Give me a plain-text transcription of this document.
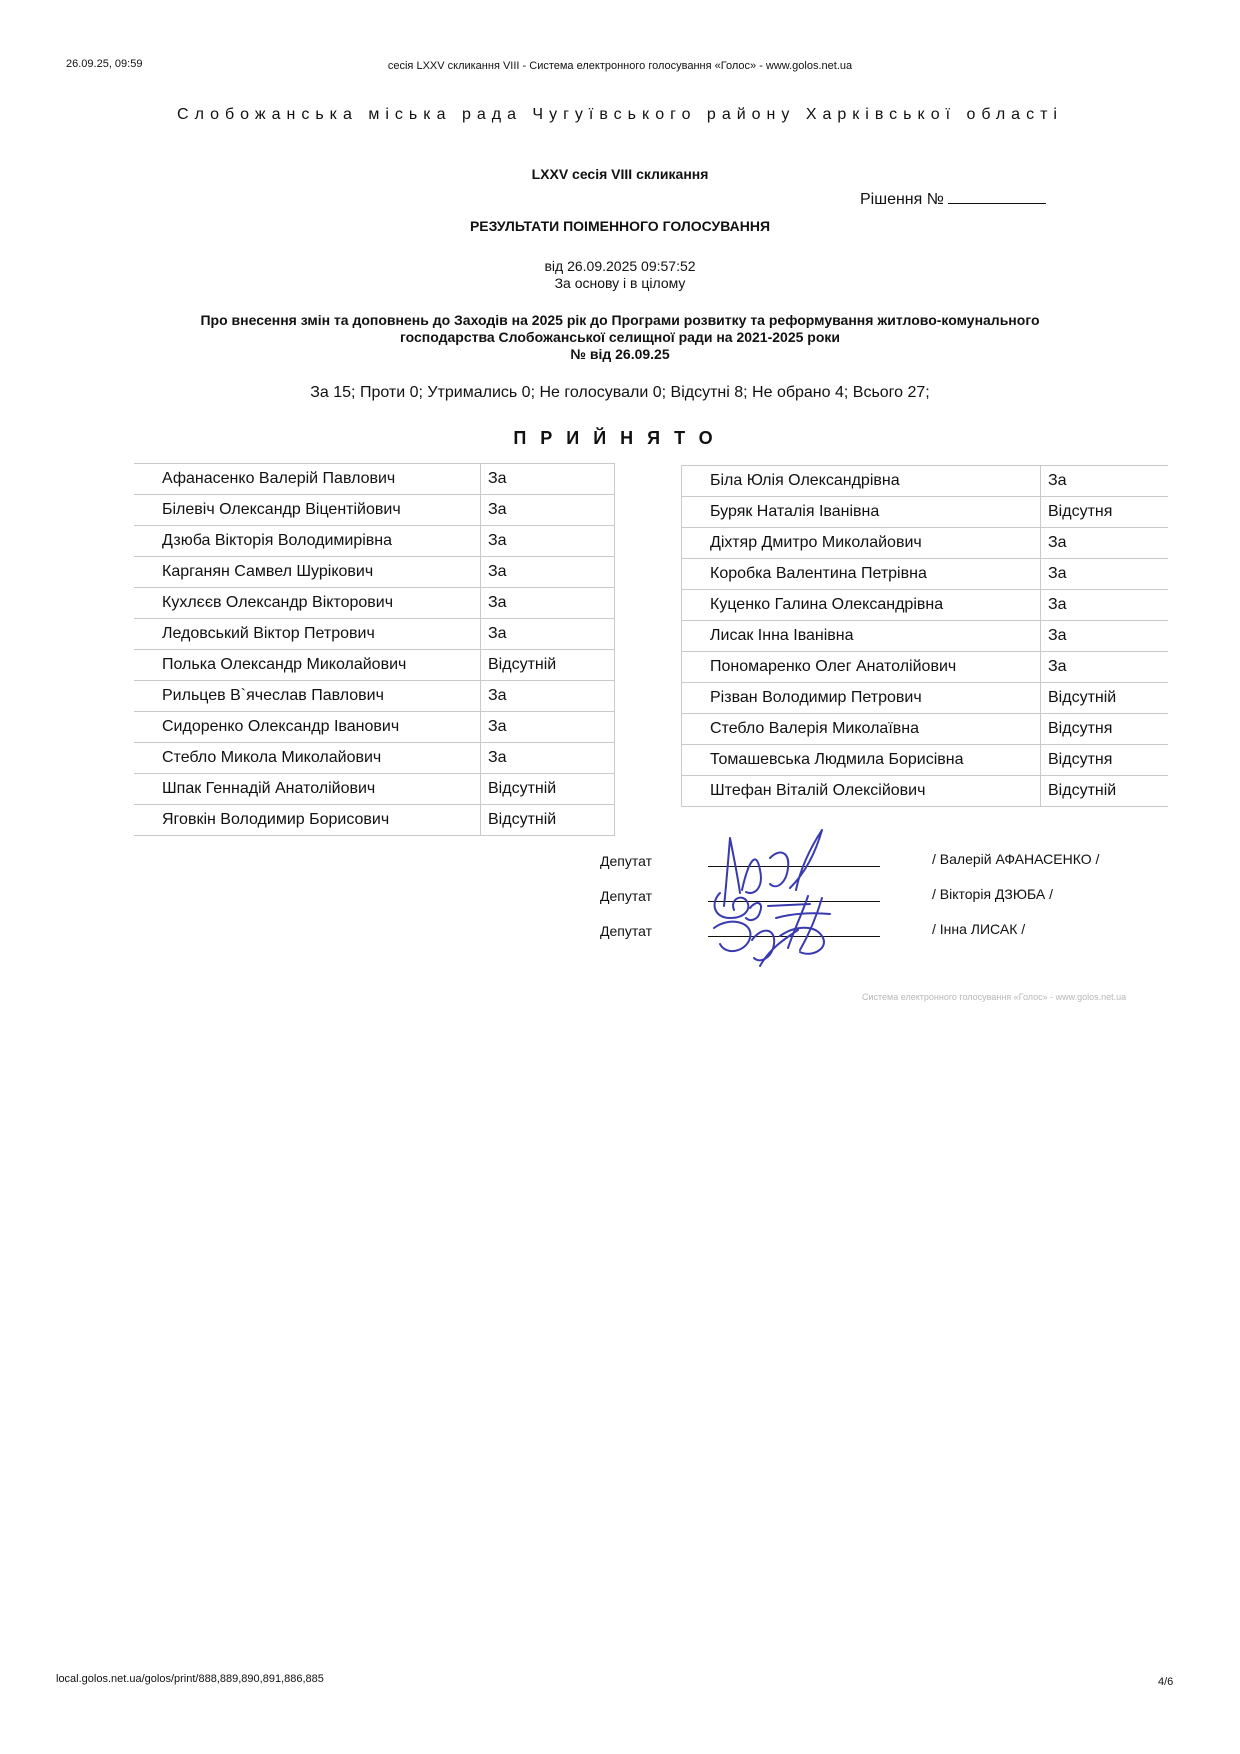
26.09.25, 09:59	сесія LXXV скликання VIII - Система електронного голосування «Голос» - www.golos.net.ua
Слобожанська міська рада Чугуївського району Харківської області
LXXV сесія VIII скликання
Рішення №
РЕЗУЛЬТАТИ ПОІМЕННОГО ГОЛОСУВАННЯ
від 26.09.2025 09:57:52
За основу і в цілому
Про внесення змін та доповнень до Заходів на 2025 рік до Програми розвитку та реформування житлово-комунального
господарства Слобожанської селищної ради на 2021-2025 роки
№ від 26.09.25
За 15; Проти 0; Утримались 0; Не голосували 0; Відсутні 8; Не обрано 4; Всього 27;
ПРИЙНЯТО
Афанасенко Валерій Павлович	За
Білевіч Олександр Віцентійович	За
Дзюба Вікторія Володимирівна	За
Карганян Самвел Шурікович	За
Кухлєєв Олександр Вікторович	За
Ледовський Віктор Петрович	За
Полька Олександр Миколайович	Відсутній
Рильцев В`ячеслав Павлович	За
Сидоренко Олександр Іванович	За
Стебло Микола Миколайович	За
Шпак Геннадій Анатолійович	Відсутній
Яговкін Володимир Борисович	Відсутній
Біла Юлія Олександрівна	За
Буряк Наталія Іванівна	Відсутня
Діхтяр Дмитро Миколайович	За
Коробка Валентина Петрівна	За
Куценко Галина Олександрівна	За
Лисак Інна Іванівна	За
Пономаренко Олег Анатолійович	За
Різван Володимир Петрович	Відсутній
Стебло Валерія Миколаївна	Відсутня
Томашевська Людмила Борисівна	Відсутня
Штефан Віталій Олексійович	Відсутній
Депутат	/ Валерій АФАНАСЕНКО /
Депутат	/ Вікторія ДЗЮБА /
Депутат	/ Інна ЛИСАК /
Система електронного голосування «Голос» - www.golos.net.ua
local.golos.net.ua/golos/print/888,889,890,891,886,885	4/6
